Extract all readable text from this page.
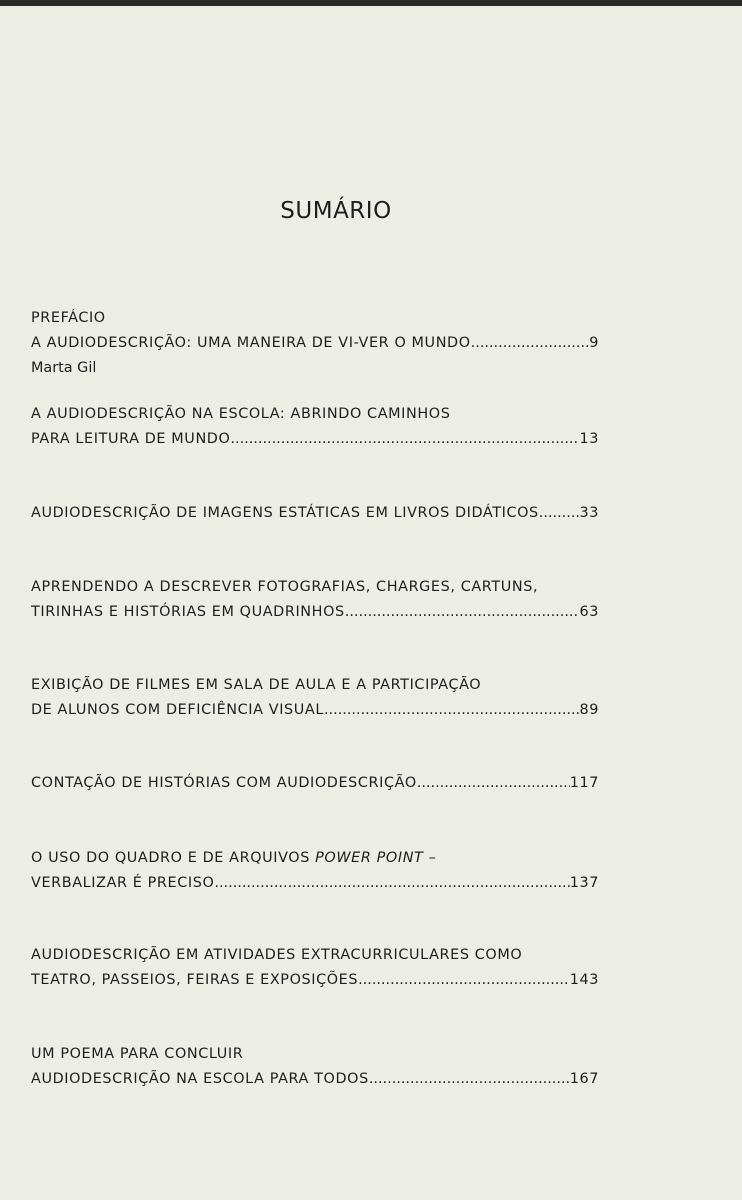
SUMÁRIO
PREFÁCIO
A AUDIODESCRIÇÃO: UMA MANEIRA DE VI-VER O MUNDO .....	9
Marta Gil
A AUDIODESCRIÇÃO NA ESCOLA: ABRINDO CAMINHOS
PARA LEITURA DE MUNDO .....	13
AUDIODESCRIÇÃO DE IMAGENS ESTÁTICAS EM LIVROS DIDÁTICOS .....	33
APRENDENDO A DESCREVER FOTOGRAFIAS, CHARGES, CARTUNS,
TIRINHAS E HISTÓRIAS EM QUADRINHOS .....	63
EXIBIÇÃO DE FILMES EM SALA DE AULA E A PARTICIPAÇÃO
DE ALUNOS COM DEFICIÊNCIA VISUAL .....	89
CONTAÇÃO DE HISTÓRIAS COM AUDIODESCRIÇÃO .....	117
O USO DO QUADRO E DE ARQUIVOS POWER POINT –
VERBALIZAR É PRECISO .....	137
AUDIODESCRIÇÃO EM ATIVIDADES EXTRACURRICULARES COMO
TEATRO, PASSEIOS, FEIRAS E EXPOSIÇÕES .....	143
UM POEMA PARA CONCLUIR
AUDIODESCRIÇÃO NA ESCOLA PARA TODOS .....	167
